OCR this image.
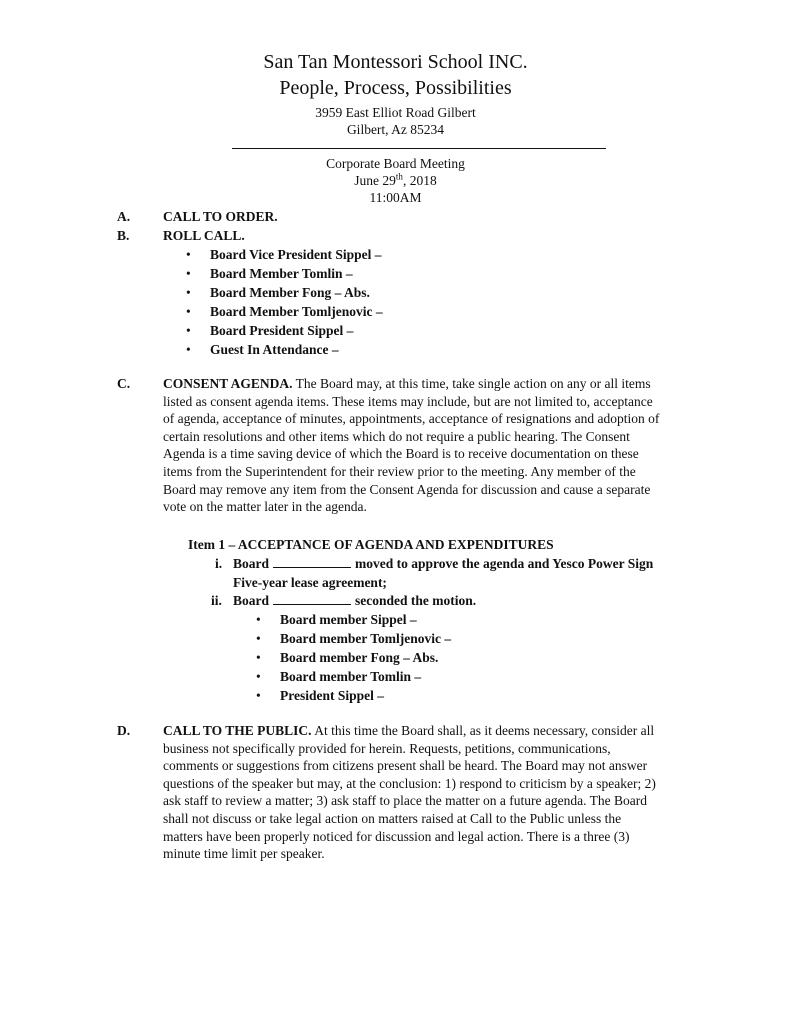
San Tan Montessori School INC.
People, Process, Possibilities
3959 East Elliot Road Gilbert
Gilbert, Az 85234
Corporate Board Meeting
June 29th, 2018
11:00AM
A. CALL TO ORDER.
B. ROLL CALL.
• Board Vice President Sippel –
• Board Member Tomlin –
• Board Member Fong – Abs.
• Board Member Tomljenovic –
• Board President Sippel –
• Guest In Attendance –
C. CONSENT AGENDA. The Board may, at this time, take single action on any or all items
listed as consent agenda items. These items may include, but are not limited to, acceptance
of agenda, acceptance of minutes, appointments, acceptance of resignations and adoption of
certain resolutions and other items which do not require a public hearing. The Consent
Agenda is a time saving device of which the Board is to receive documentation on these
items from the Superintendent for their review prior to the meeting. Any member of the
Board may remove any item from the Consent Agenda for discussion and cause a separate
vote on the matter later in the agenda.
Item 1 – ACCEPTANCE OF AGENDA AND EXPENDITURES
i. Board	moved to approve the agenda and Yesco Power Sign
Five-year lease agreement;
ii. Board	seconded the motion.
• Board member Sippel –
• Board member Tomljenovic –
• Board member Fong – Abs.
• Board member Tomlin –
• President Sippel –
D. CALL TO THE PUBLIC. At this time the Board shall, as it deems necessary, consider all
business not specifically provided for herein. Requests, petitions, communications,
comments or suggestions from citizens present shall be heard. The Board may not answer
questions of the speaker but may, at the conclusion: 1) respond to criticism by a speaker; 2)
ask staff to review a matter; 3) ask staff to place the matter on a future agenda. The Board
shall not discuss or take legal action on matters raised at Call to the Public unless the
matters have been properly noticed for discussion and legal action. There is a three (3)
minute time limit per speaker.
